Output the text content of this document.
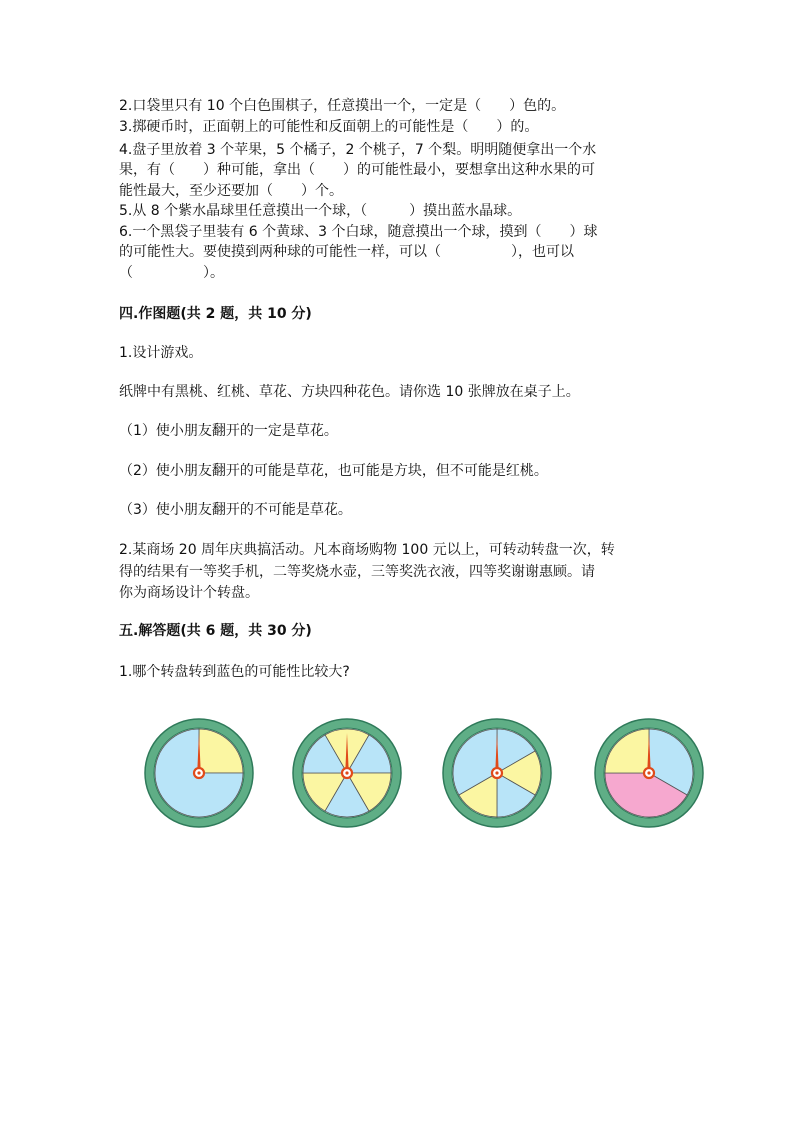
2.口袋里只有 10 个白色围棋子，任意摸出一个，一定是（　　）色的。
3.掷硬币时，正面朝上的可能性和反面朝上的可能性是（　　）的。
4.盘子里放着 3 个苹果，5 个橘子，2 个桃子，7 个梨。明明随便拿出一个水
果，有（　　）种可能，拿出（　　）的可能性最小，要想拿出这种水果的可
能性最大，至少还要加（　　）个。
5.从 8 个紫水晶球里任意摸出一个球，（　　　）摸出蓝水晶球。
6.一个黑袋子里装有 6 个黄球、3 个白球，随意摸出一个球，摸到（　　）球
的可能性大。要使摸到两种球的可能性一样，可以（　　　　　），也可以
（　　　　　）。
四.作图题(共 2 题，共 10 分)
1.设计游戏。
纸牌中有黑桃、红桃、草花、方块四种花色。请你选 10 张牌放在桌子上。
（1）使小朋友翻开的一定是草花。
（2）使小朋友翻开的可能是草花，也可能是方块，但不可能是红桃。
（3）使小朋友翻开的不可能是草花。
2.某商场 20 周年庆典搞活动。凡本商场购物 100 元以上，可转动转盘一次，转
得的结果有一等奖手机，二等奖烧水壶，三等奖洗衣液，四等奖谢谢惠顾。请
你为商场设计个转盘。
五.解答题(共 6 题，共 30 分)
1.哪个转盘转到蓝色的可能性比较大?
